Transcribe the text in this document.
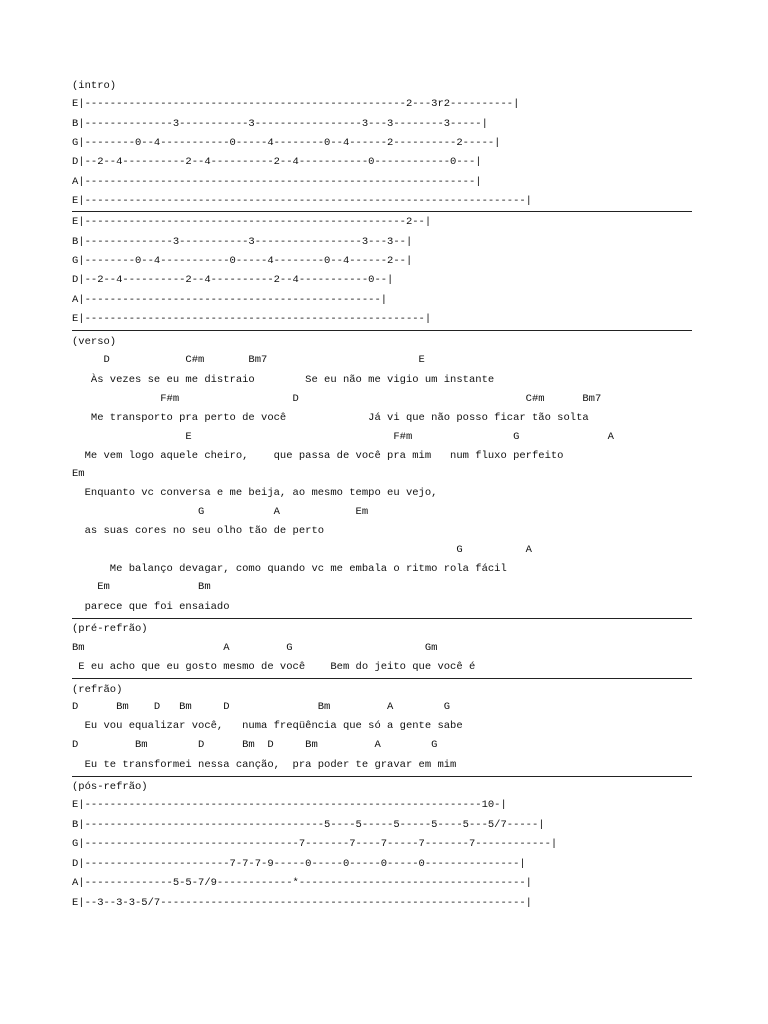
(intro)
E|---------------------------------------------------2---3r2----------|
B|--------------3-----------3-----------------3---3--------3-----|
G|--------0--4-----------0-----4--------0--4------2----------2-----|
D|--2--4----------2--4----------2--4-----------0------------0---|
A|--------------------------------------------------------------|
E|----------------------------------------------------------------------|
E|---------------------------------------------------2--|
B|--------------3-----------3-----------------3---3--|
G|--------0--4-----------0-----4--------0--4------2--|
D|--2--4----------2--4----------2--4-----------0--|
A|-----------------------------------------------|
E|------------------------------------------------------|
(verso)
D            C#m       Bm7                        E
Às vezes se eu me distraio        Se eu não me vigio um instante
F#m                  D                                    C#m      Bm7
Me transporto pra perto de você             Já vi que não posso ficar tão solta
E                                F#m                G              A
Me vem logo aquele cheiro,    que passa de você pra mim   num fluxo perfeito
Em
Enquanto vc conversa e me beija, ao mesmo tempo eu vejo,
G           A            Em
as suas cores no seu olho tão de perto
G          A
Me balanço devagar, como quando vc me embala o ritmo rola fácil
Em              Bm
parece que foi ensaiado
(pré-refrão)
Bm                      A         G                     Gm
E eu acho que eu gosto mesmo de você    Bem do jeito que você é
(refrão)
D      Bm    D   Bm     D              Bm         A        G
Eu vou equalizar você,   numa freqüência que só a gente sabe
D         Bm        D      Bm  D     Bm         A        G
Eu te transformei nessa canção,  pra poder te gravar em mim
(pós-refrão)
E|---------------------------------------------------------------10-|
B|--------------------------------------5----5-----5-----5----5---5/7-----|
G|----------------------------------7-------7----7-----7-------7------------|
D|-----------------------7-7-7-9-----0-----0-----0-----0---------------|
A|--------------5-5-7/9------------*------------------------------------|
E|--3--3-3-5/7----------------------------------------------------------|
